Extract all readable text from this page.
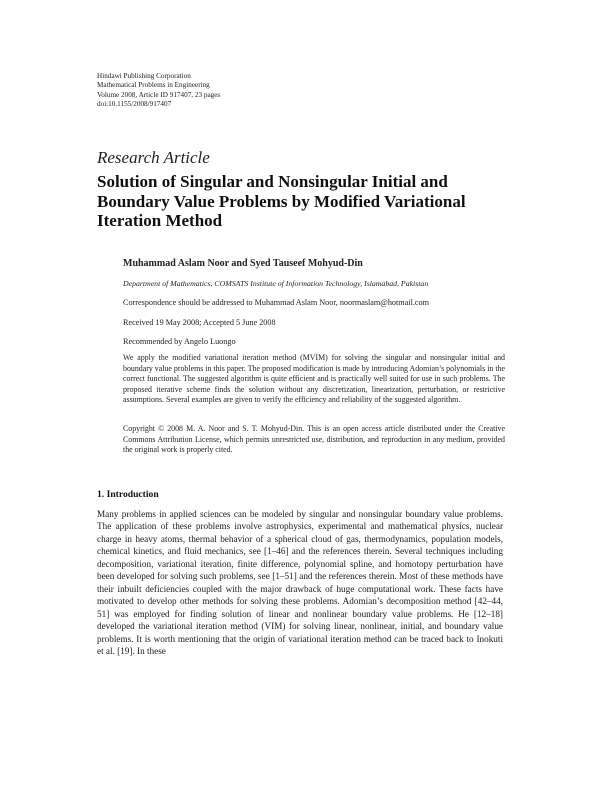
Hindawi Publishing Corporation
Mathematical Problems in Engineering
Volume 2008, Article ID 917407, 23 pages
doi:10.1155/2008/917407
Research Article
Solution of Singular and Nonsingular Initial and Boundary Value Problems by Modified Variational Iteration Method
Muhammad Aslam Noor and Syed Tauseef Mohyud-Din
Department of Mathematics, COMSATS Institute of Information Technology, Islamabad, Pakistan
Correspondence should be addressed to Muhammad Aslam Noor, noormaslam@hotmail.com
Received 19 May 2008; Accepted 5 June 2008
Recommended by Angelo Luongo

We apply the modified variational iteration method (MVIM) for solving the singular and nonsingular initial and boundary value problems in this paper. The proposed modification is made by introducing Adomian’s polynomials in the correct functional. The suggested algorithm is quite efficient and is practically well suited for use in such problems. The proposed iterative scheme finds the solution without any discretization, linearization, perturbation, or restrictive assumptions. Several examples are given to verify the efficiency and reliability of the suggested algorithm.

Copyright © 2008 M. A. Noor and S. T. Mohyud-Din. This is an open access article distributed under the Creative Commons Attribution License, which permits unrestricted use, distribution, and reproduction in any medium, provided the original work is properly cited.

1. Introduction

Many problems in applied sciences can be modeled by singular and nonsingular boundary value problems. The application of these problems involve astrophysics, experimental and mathematical physics, nuclear charge in heavy atoms, thermal behavior of a spherical cloud of gas, thermodynamics, population models, chemical kinetics, and fluid mechanics, see [1–46] and the references therein. Several techniques including decomposition, variational iteration, finite difference, polynomial spline, and homotopy perturbation have been developed for solving such problems, see [1–51] and the references therein. Most of these methods have their inbuilt deficiencies coupled with the major drawback of huge computational work. These facts have motivated to develop other methods for solving these problems. Adomian’s decomposition method [42–44, 51] was employed for finding solution of linear and nonlinear boundary value problems. He [12–18] developed the variational iteration method (VIM) for solving linear, nonlinear, initial, and boundary value problems. It is worth mentioning that the origin of variational iteration method can be traced back to Inokuti et al. [19]. In these
